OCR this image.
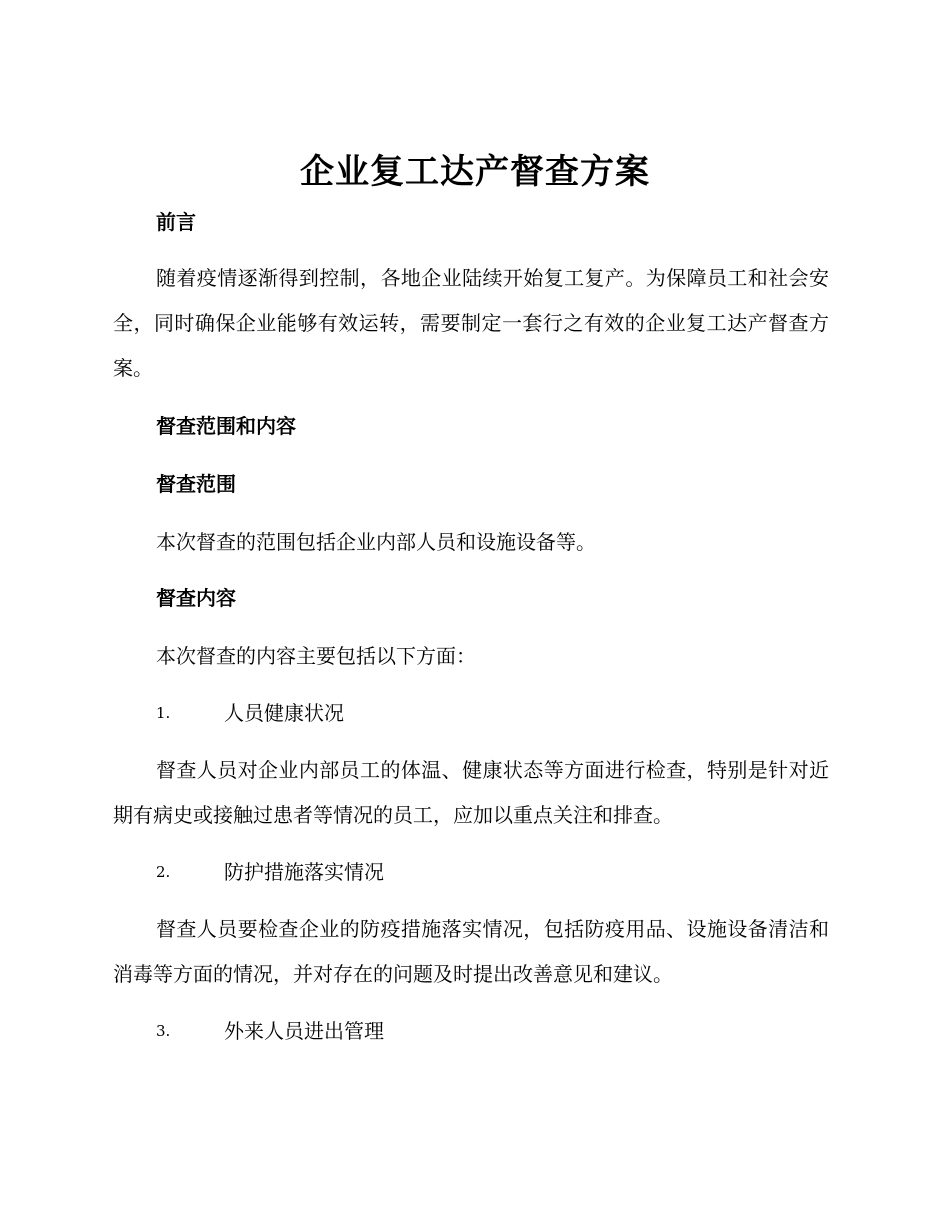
企业复工达产督查方案
前言
随着疫情逐渐得到控制，各地企业陆续开始复工复产。为保障员工和社会安全，同时确保企业能够有效运转，需要制定一套行之有效的企业复工达产督查方案。
督查范围和内容
督查范围
本次督查的范围包括企业内部人员和设施设备等。
督查内容
本次督查的内容主要包括以下方面：
1.	人员健康状况
督查人员对企业内部员工的体温、健康状态等方面进行检查，特别是针对近期有病史或接触过患者等情况的员工，应加以重点关注和排查。
2.	防护措施落实情况
督查人员要检查企业的防疫措施落实情况，包括防疫用品、设施设备清洁和消毒等方面的情况，并对存在的问题及时提出改善意见和建议。
3.	外来人员进出管理
